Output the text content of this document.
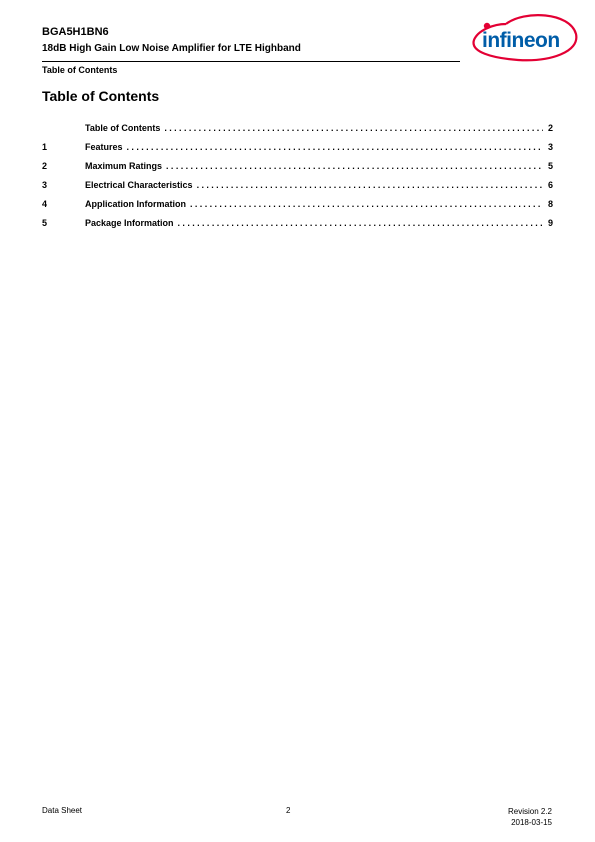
BGA5H1BN6
18dB High Gain Low Noise Amplifier for LTE Highband
Table of Contents
infineon
Table of Contents
Table of Contents .....	2
1	Features .....	3
2	Maximum Ratings .....	5
3	Electrical Characteristics .....	6
4	Application Information .....	8
5	Package Information .....	9
Data Sheet	2	Revision 2.2
2018-03-15
